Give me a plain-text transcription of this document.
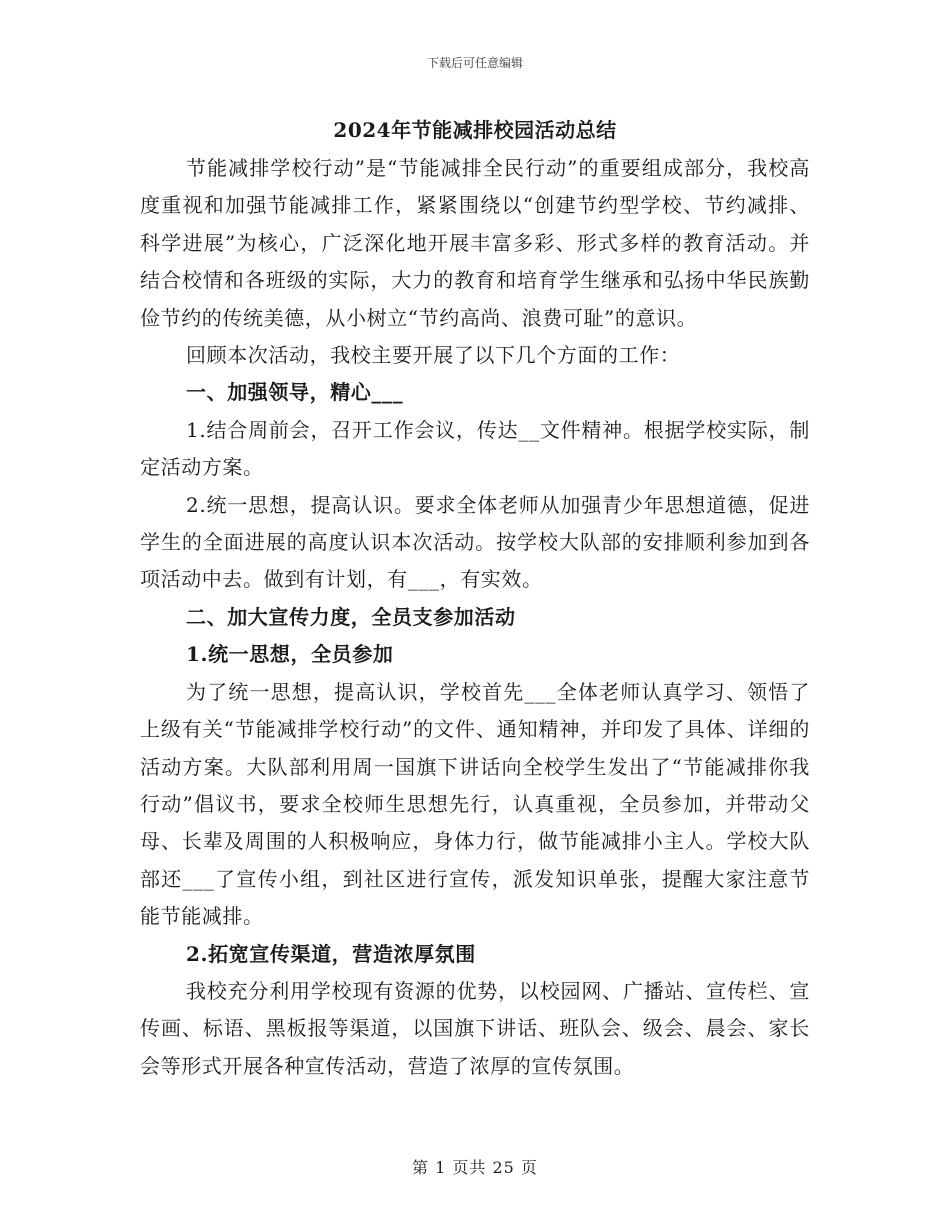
下载后可任意编辑
2024年节能减排校园活动总结

节能减排学校行动”是“节能减排全民行动”的重要组成部分，我校高度重视和加强节能减排工作，紧紧围绕以“创建节约型学校、节约减排、科学进展”为核心，广泛深化地开展丰富多彩、形式多样的教育活动。并结合校情和各班级的实际，大力的教育和培育学生继承和弘扬中华民族勤俭节约的传统美德，从小树立“节约高尚、浪费可耻”的意识。

回顾本次活动，我校主要开展了以下几个方面的工作：

一、加强领导，精心___

1.结合周前会，召开工作会议，传达__文件精神。根据学校实际，制定活动方案。

2.统一思想，提高认识。要求全体老师从加强青少年思想道德，促进学生的全面进展的高度认识本次活动。按学校大队部的安排顺利参加到各项活动中去。做到有计划，有___，有实效。

二、加大宣传力度，全员支参加活动

1.统一思想，全员参加

为了统一思想，提高认识，学校首先___全体老师认真学习、领悟了上级有关“节能减排学校行动”的文件、通知精神，并印发了具体、详细的活动方案。大队部利用周一国旗下讲话向全校学生发出了“节能减排你我行动”倡议书，要求全校师生思想先行，认真重视，全员参加，并带动父母、长辈及周围的人积极响应，身体力行，做节能减排小主人。学校大队部还___了宣传小组，到社区进行宣传，派发知识单张，提醒大家注意节能节能减排。

2.拓宽宣传渠道，营造浓厚氛围

我校充分利用学校现有资源的优势，以校园网、广播站、宣传栏、宣传画、标语、黑板报等渠道，以国旗下讲话、班队会、级会、晨会、家长会等形式开展各种宣传活动，营造了浓厚的宣传氛围。

第 1 页共 25 页
